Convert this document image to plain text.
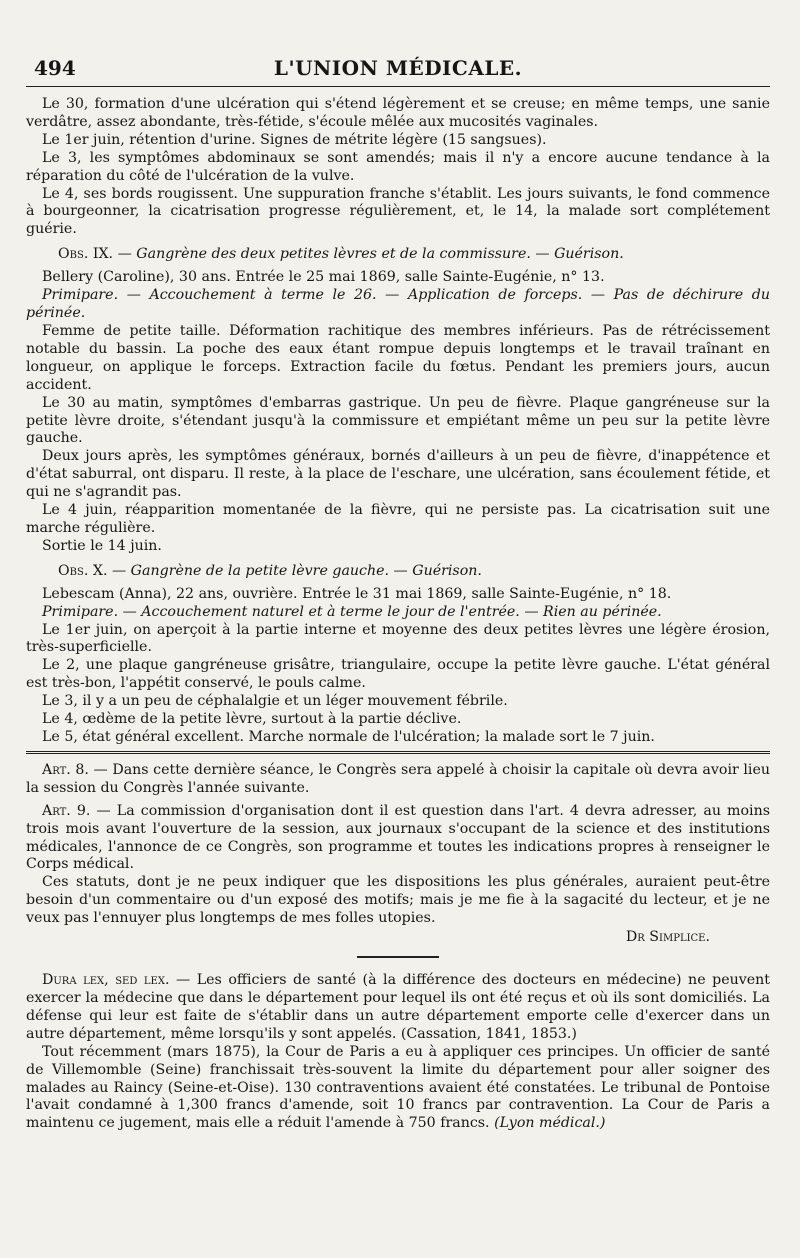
494	L'UNION MÉDICALE.

Le 30, formation d'une ulcération qui s'étend légèrement et se creuse; en même temps, une sanie verdâtre, assez abondante, très-fétide, s'écoule mêlée aux mucosités vaginales.

Le 1er juin, rétention d'urine. Signes de métrite légère (15 sangsues).

Le 3, les symptômes abdominaux se sont amendés; mais il n'y a encore aucune tendance à la réparation du côté de l'ulcération de la vulve.

Le 4, ses bords rougissent. Une suppuration franche s'établit. Les jours suivants, le fond commence à bourgeonner, la cicatrisation progresse régulièrement, et, le 14, la malade sort complétement guérie.

Obs. IX. — Gangrène des deux petites lèvres et de la commissure. — Guérison.

Bellery (Caroline), 30 ans. Entrée le 25 mai 1869, salle Sainte-Eugénie, n° 13.

Primipare. — Accouchement à terme le 26. — Application de forceps. — Pas de déchirure du périnée.

Femme de petite taille. Déformation rachitique des membres inférieurs. Pas de rétrécissement notable du bassin. La poche des eaux étant rompue depuis longtemps et le travail traînant en longueur, on applique le forceps. Extraction facile du fœtus. Pendant les premiers jours, aucun accident.

Le 30 au matin, symptômes d'embarras gastrique. Un peu de fièvre. Plaque gangréneuse sur la petite lèvre droite, s'étendant jusqu'à la commissure et empiétant même un peu sur la petite lèvre gauche.

Deux jours après, les symptômes généraux, bornés d'ailleurs à un peu de fièvre, d'inappétence et d'état saburral, ont disparu. Il reste, à la place de l'eschare, une ulcération, sans écoulement fétide, et qui ne s'agrandit pas.

Le 4 juin, réapparition momentanée de la fièvre, qui ne persiste pas. La cicatrisation suit une marche régulière.

Sortie le 14 juin.

Obs. X. — Gangrène de la petite lèvre gauche. — Guérison.

Lebescam (Anna), 22 ans, ouvrière. Entrée le 31 mai 1869, salle Sainte-Eugénie, n° 18.

Primipare. — Accouchement naturel et à terme le jour de l'entrée. — Rien au périnée.

Le 1er juin, on aperçoit à la partie interne et moyenne des deux petites lèvres une légère érosion, très-superficielle.

Le 2, une plaque gangréneuse grisâtre, triangulaire, occupe la petite lèvre gauche. L'état général est très-bon, l'appétit conservé, le pouls calme.

Le 3, il y a un peu de céphalalgie et un léger mouvement fébrile.

Le 4, œdème de la petite lèvre, surtout à la partie déclive.

Le 5, état général excellent. Marche normale de l'ulcération; la malade sort le 7 juin.

Art. 8. — Dans cette dernière séance, le Congrès sera appelé à choisir la capitale où devra avoir lieu la session du Congrès l'année suivante.

Art. 9. — La commission d'organisation dont il est question dans l'art. 4 devra adresser, au moins trois mois avant l'ouverture de la session, aux journaux s'occupant de la science et des institutions médicales, l'annonce de ce Congrès, son programme et toutes les indications propres à renseigner le Corps médical.

Ces statuts, dont je ne peux indiquer que les dispositions les plus générales, auraient peut-être besoin d'un commentaire ou d'un exposé des motifs; mais je me fie à la sagacité du lecteur, et je ne veux pas l'ennuyer plus longtemps de mes folles utopies.

Dr Simplice.

Dura lex, sed lex. — Les officiers de santé (à la différence des docteurs en médecine) ne peuvent exercer la médecine que dans le département pour lequel ils ont été reçus et où ils sont domiciliés. La défense qui leur est faite de s'établir dans un autre département emporte celle d'exercer dans un autre département, même lorsqu'ils y sont appelés. (Cassation, 1841, 1853.)

Tout récemment (mars 1875), la Cour de Paris a eu à appliquer ces principes. Un officier de santé de Villemomble (Seine) franchissait très-souvent la limite du département pour aller soigner des malades au Raincy (Seine-et-Oise). 130 contraventions avaient été constatées. Le tribunal de Pontoise l'avait condamné à 1,300 francs d'amende, soit 10 francs par contravention. La Cour de Paris a maintenu ce jugement, mais elle a réduit l'amende à 750 francs. (Lyon médical.)
